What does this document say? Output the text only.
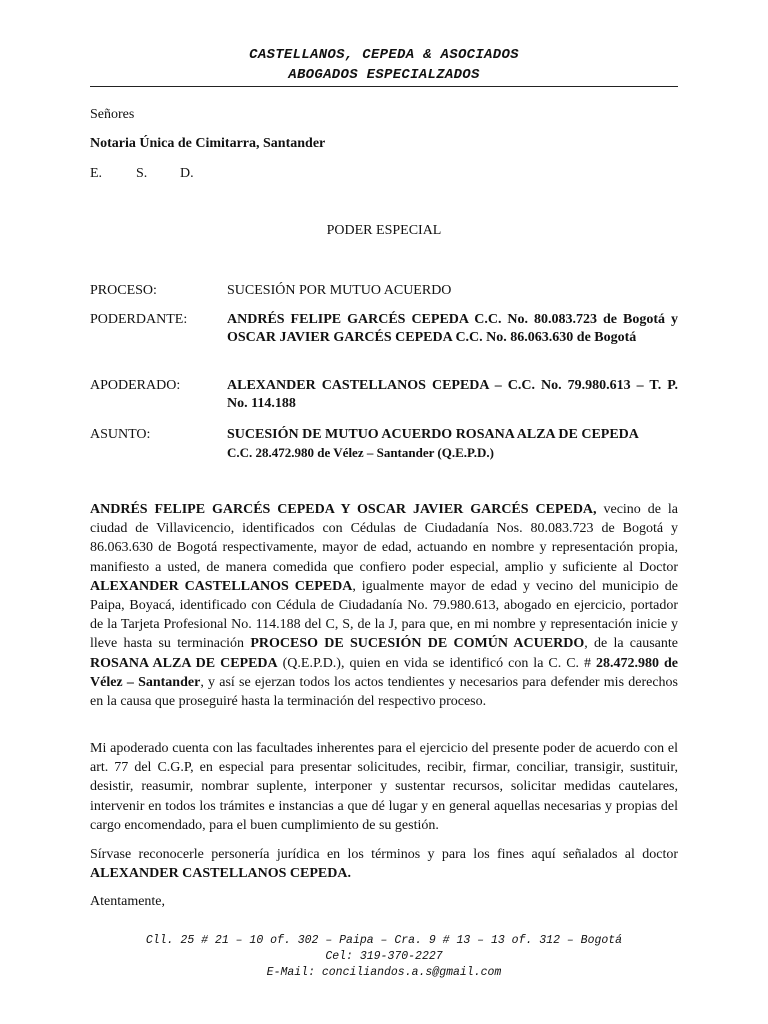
CASTELLANOS, CEPEDA & ASOCIADOS
ABOGADOS ESPECIALZADOS
Señores
Notaria Única de Cimitarra, Santander
E. S. D.
PODER ESPECIAL
PROCESO:	SUCESIÓN POR MUTUO ACUERDO
PODERDANTE:	ANDRÉS FELIPE GARCÉS CEPEDA C.C. No. 80.083.723 de Bogotá y OSCAR JAVIER GARCÉS CEPEDA C.C. No. 86.063.630 de Bogotá
APODERADO:	ALEXANDER CASTELLANOS CEPEDA – C.C. No. 79.980.613 – T. P. No. 114.188
ASUNTO:	SUCESIÓN DE MUTUO ACUERDO ROSANA ALZA DE CEPEDA
C.C. 28.472.980 de Vélez – Santander (Q.E.P.D.)
ANDRÉS FELIPE GARCÉS CEPEDA Y OSCAR JAVIER GARCÉS CEPEDA, vecino de la ciudad de Villavicencio, identificados con Cédulas de Ciudadanía Nos. 80.083.723 de Bogotá y 86.063.630 de Bogotá respectivamente, mayor de edad, actuando en nombre y representación propia, manifiesto a usted, de manera comedida que confiero poder especial, amplio y suficiente al Doctor ALEXANDER CASTELLANOS CEPEDA, igualmente mayor de edad y vecino del municipio de Paipa, Boyacá, identificado con Cédula de Ciudadanía No. 79.980.613, abogado en ejercicio, portador de la Tarjeta Profesional No. 114.188 del C, S, de la J, para que, en mi nombre y representación inicie y lleve hasta su terminación PROCESO DE SUCESIÓN DE COMÚN ACUERDO, de la causante ROSANA ALZA DE CEPEDA (Q.E.P.D.), quien en vida se identificó con la C. C. # 28.472.980 de Vélez – Santander, y así se ejerzan todos los actos tendientes y necesarios para defender mis derechos en la causa que proseguiré hasta la terminación del respectivo proceso.
Mi apoderado cuenta con las facultades inherentes para el ejercicio del presente poder de acuerdo con el art. 77 del C.G.P, en especial para presentar solicitudes, recibir, firmar, conciliar, transigir, sustituir, desistir, reasumir, nombrar suplente, interponer y sustentar recursos, solicitar medidas cautelares, intervenir en todos los trámites e instancias a que dé lugar y en general aquellas necesarias y propias del cargo encomendado, para el buen cumplimiento de su gestión.
Sírvase reconocerle personería jurídica en los términos y para los fines aquí señalados al doctor ALEXANDER CASTELLANOS CEPEDA.
Atentamente,
Cll. 25 # 21 – 10 of. 302 – Paipa – Cra. 9 # 13 – 13 of. 312 – Bogotá
Cel: 319-370-2227
E-Mail: conciliandos.a.s@gmail.com
